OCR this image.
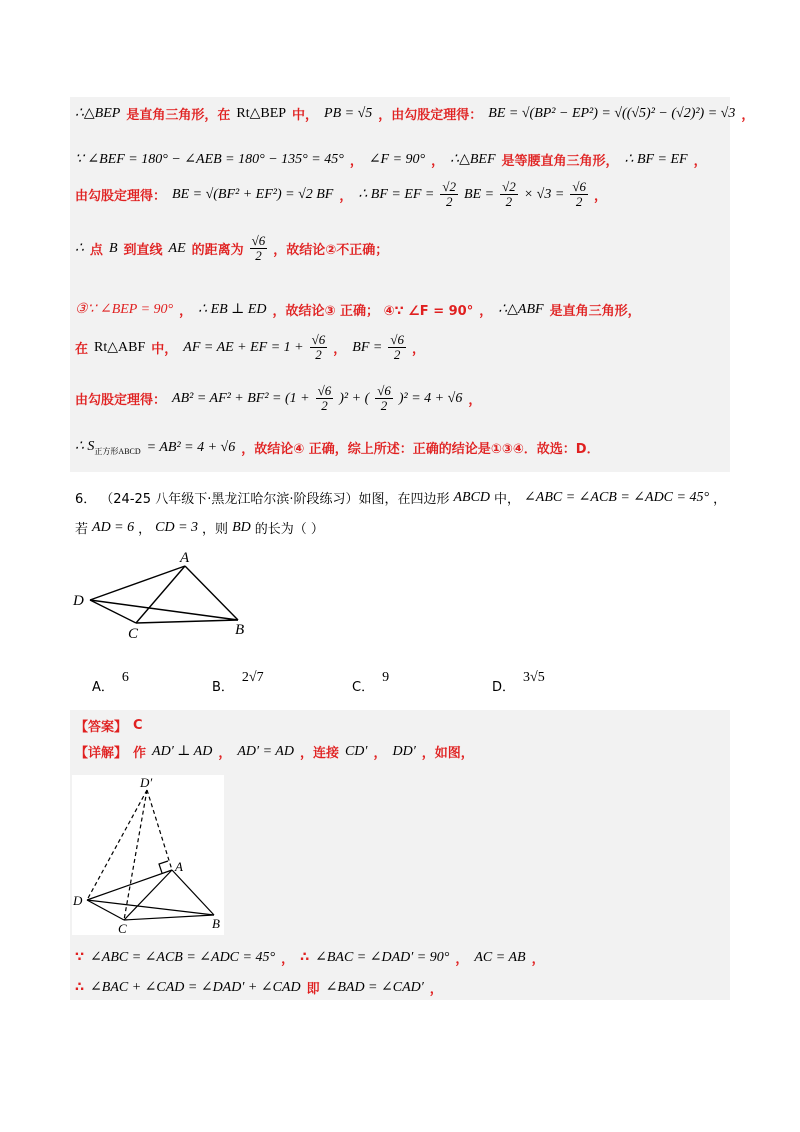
∴△BEP 是直角三角形，在 Rt△BEP 中， PB = √5 ，由勾股定理得： BE = √(BP² − EP²) = √((√5)² − (√2)²) = √3 ，
∵ ∠BEF = 180° − ∠AEB = 180° − 135° = 45° ， ∠F = 90° ， ∴△BEF 是等腰直角三角形， ∴ BF = EF ，
由勾股定理得： BE = √(BF² + EF²) = √2 BF ， ∴ BF = EF = $\frac{√2}{2}$ BE = $\frac{√2}{2} \times √3 = \frac{√6}{2}$ ，
∴ 点 B 到直线 AE 的距离为 $\frac{√6}{2}$ ，故结论②不正确；
③∵ ∠BEP = 90° ， ∴ EB ⊥ ED ，故结论③ 正确； ④∵ ∠F = 90° ， ∴△ABF 是直角三角形，
在 Rt△ABF 中， AF = AE + EF = $1 + \frac{√6}{2}$ ， BF = $\frac{√6}{2}$ ，
由勾股定理得： $AB^2 = AF^2 + BF^2 = (1 + \frac{√6}{2} )^2$ + ( $\frac{√6}{2} )^2 = 4 + √6$ ，
∴ $S_{正方形ABCD} = AB^2 = 4 + √6$ ，故结论④ 正确，综上所述：正确的结论是①③④．故选：D．
6． （24-25 八年级下·黑龙江哈尔滨·阶段练习）如图，在四边形 ABCD 中， ∠ABC = ∠ACB = ∠ADC = 45° ，
若 AD = 6 ， CD = 3 ，则 BD 的长为（ ）
A
B
C
D
A．6
B．2√7
C．9
D．3√5
【答案】 C
【详解】 作 AD′ ⊥ AD ， AD′ = AD ，连接 CD′ ， DD′ ，如图，
D′
A
B
C
D
∵ ∠ABC = ∠ACB = ∠ADC = 45° ， ∴ ∠BAC = ∠DAD′ = 90° ， AC = AB ，
∴ ∠BAC + ∠CAD = ∠DAD′ + ∠CAD 即 ∠BAD = ∠CAD′ ，
